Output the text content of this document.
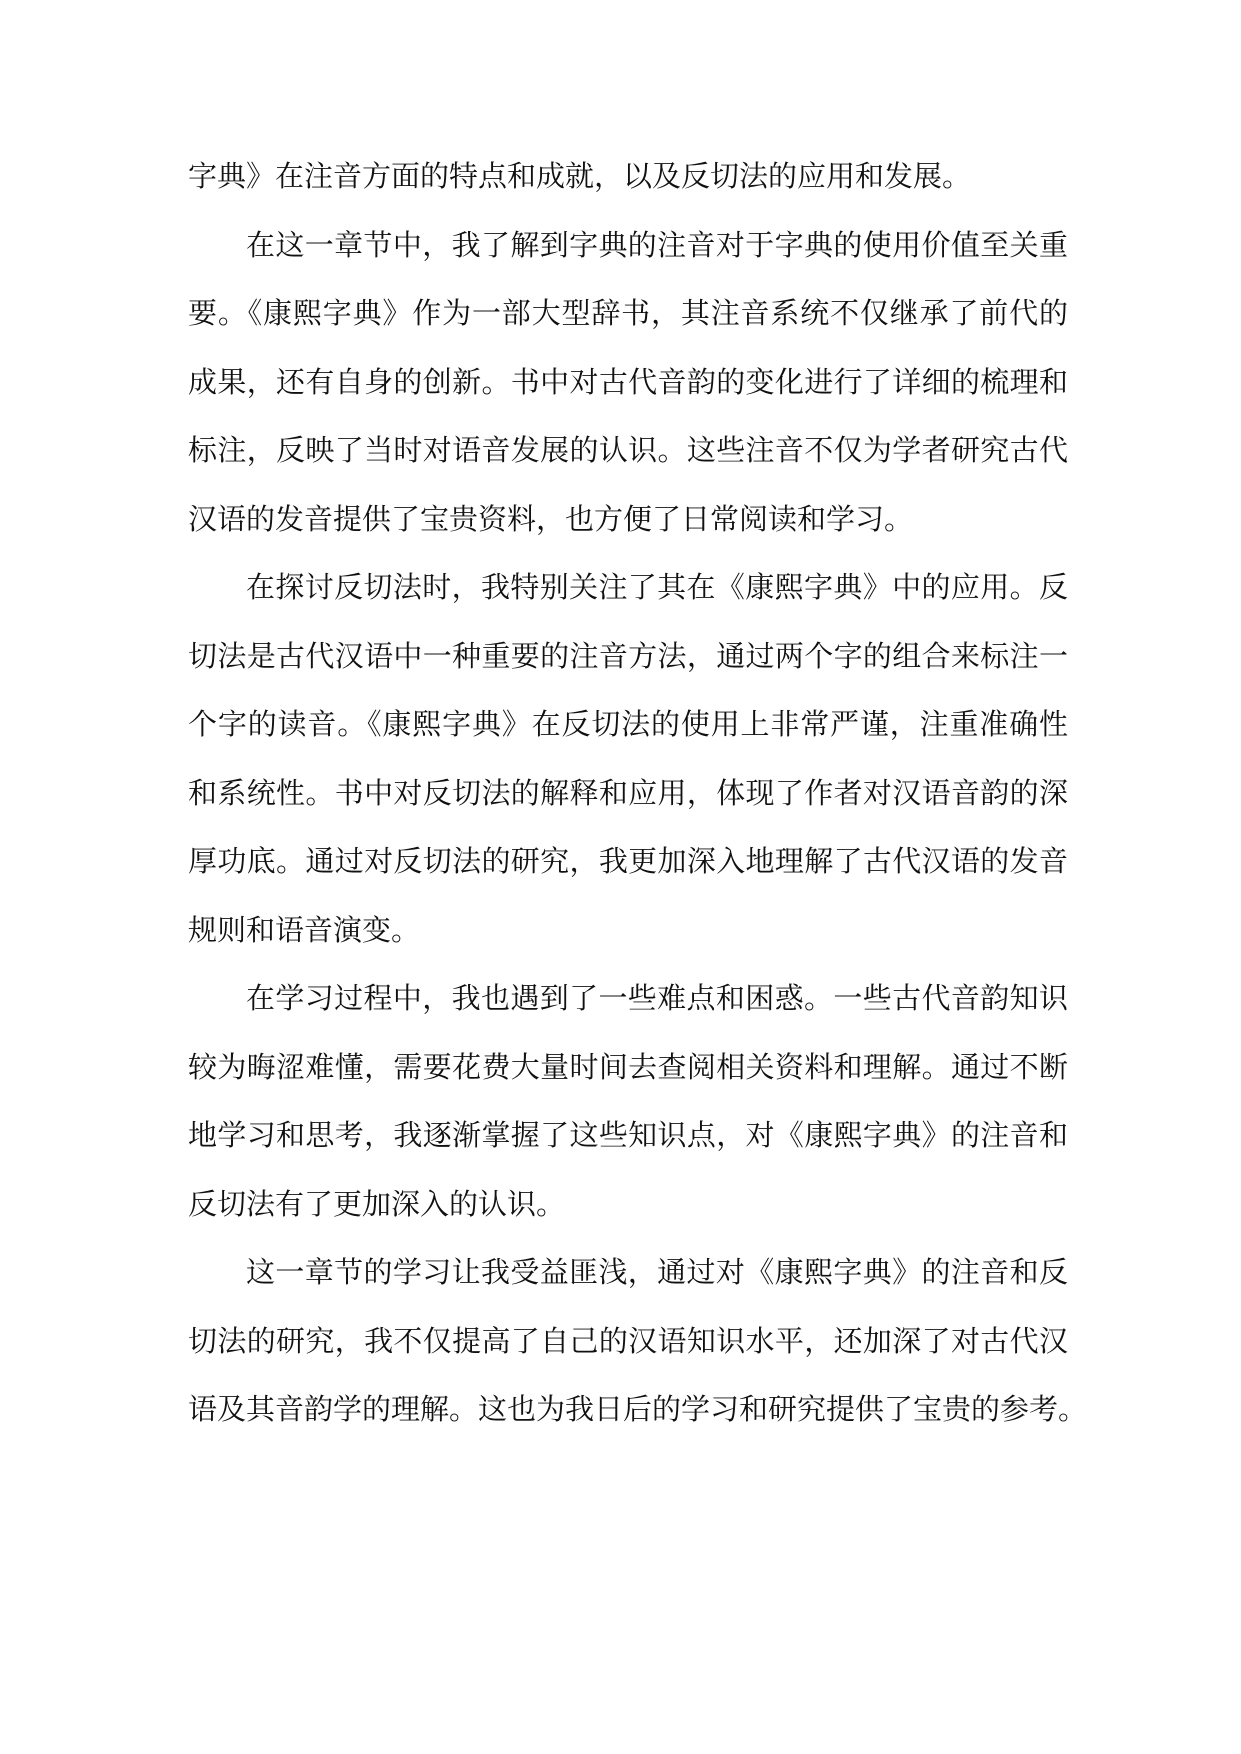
字典》在注音方面的特点和成就，以及反切法的应用和发展。
在这一章节中，我了解到字典的注音对于字典的使用价值至关重
要。《康熙字典》作为一部大型辞书，其注音系统不仅继承了前代的
成果，还有自身的创新。书中对古代音韵的变化进行了详细的梳理和
标注，反映了当时对语音发展的认识。这些注音不仅为学者研究古代
汉语的发音提供了宝贵资料，也方便了日常阅读和学习。
在探讨反切法时，我特别关注了其在《康熙字典》中的应用。反
切法是古代汉语中一种重要的注音方法，通过两个字的组合来标注一
个字的读音。《康熙字典》在反切法的使用上非常严谨，注重准确性
和系统性。书中对反切法的解释和应用，体现了作者对汉语音韵的深
厚功底。通过对反切法的研究，我更加深入地理解了古代汉语的发音
规则和语音演变。
在学习过程中，我也遇到了一些难点和困惑。一些古代音韵知识
较为晦涩难懂，需要花费大量时间去查阅相关资料和理解。通过不断
地学习和思考，我逐渐掌握了这些知识点，对《康熙字典》的注音和
反切法有了更加深入的认识。
这一章节的学习让我受益匪浅，通过对《康熙字典》的注音和反
切法的研究，我不仅提高了自己的汉语知识水平，还加深了对古代汉
语及其音韵学的理解。这也为我日后的学习和研究提供了宝贵的参考。
